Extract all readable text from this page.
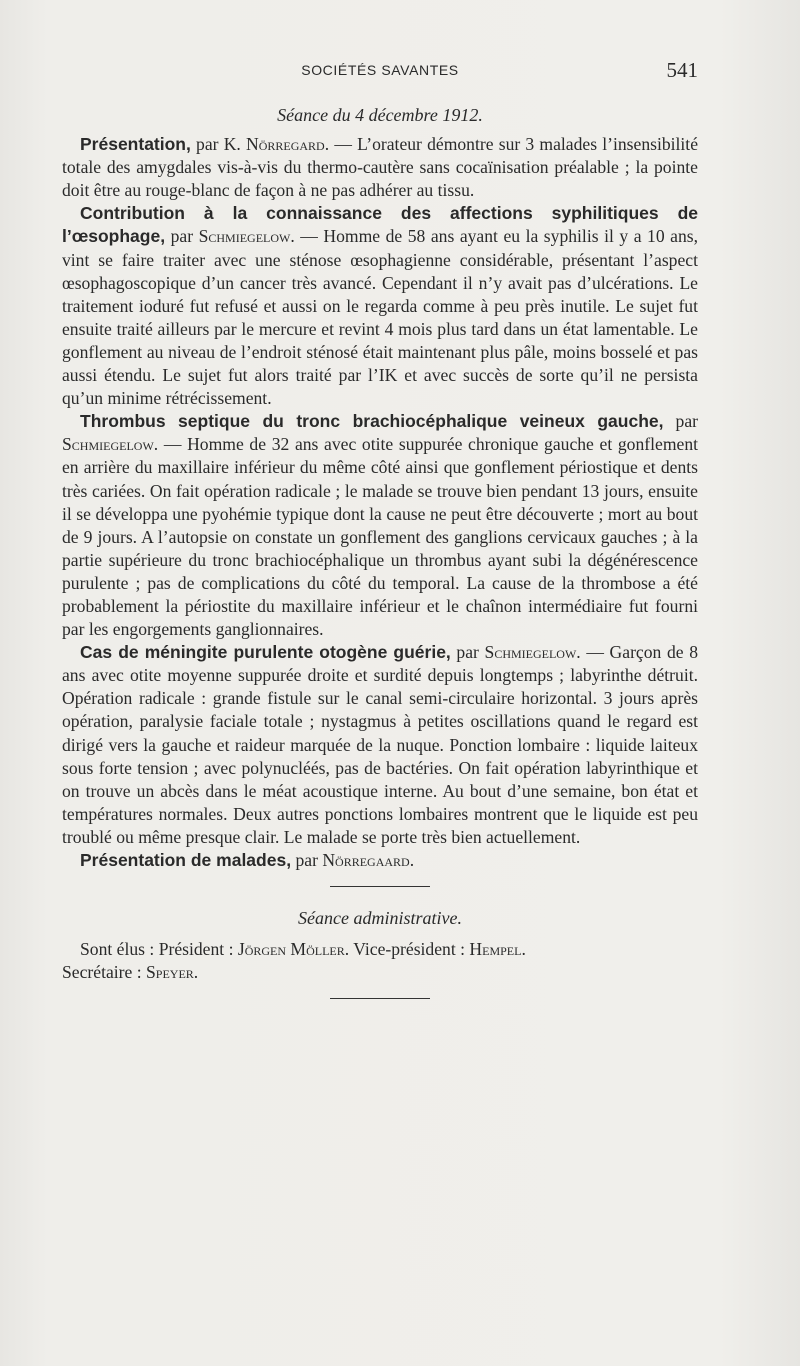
SOCIÉTÉS SAVANTES	541
Séance du 4 décembre 1912.

Présentation, par K. Nörregard. — L’orateur démontre sur 3 malades l’insensibilité totale des amygdales vis-à-vis du thermo-cautère sans cocaïnisation préalable ; la pointe doit être au rouge-blanc de façon à ne pas adhérer au tissu.

Contribution à la connaissance des affections syphilitiques de l’œsophage, par Schmiegelow. — Homme de 58 ans ayant eu la syphilis il y a 10 ans, vint se faire traiter avec une sténose œsophagienne considérable, présentant l’aspect œsophagoscopique d’un cancer très avancé. Cependant il n’y avait pas d’ulcérations. Le traitement ioduré fut refusé et aussi on le regarda comme à peu près inutile. Le sujet fut ensuite traité ailleurs par le mercure et revint 4 mois plus tard dans un état lamentable. Le gonflement au niveau de l’endroit sténosé était maintenant plus pâle, moins bosselé et pas aussi étendu. Le sujet fut alors traité par l’IK et avec succès de sorte qu’il ne persista qu’un minime rétrécissement.

Thrombus septique du tronc brachiocéphalique veineux gauche, par Schmiegelow. — Homme de 32 ans avec otite suppurée chronique gauche et gonflement en arrière du maxillaire inférieur du même côté ainsi que gonflement périostique et dents très cariées. On fait opération radicale ; le malade se trouve bien pendant 13 jours, ensuite il se développa une pyohémie typique dont la cause ne peut être découverte ; mort au bout de 9 jours. A l’autopsie on constate un gonflement des ganglions cervicaux gauches ; à la partie supérieure du tronc brachiocéphalique un thrombus ayant subi la dégénérescence purulente ; pas de complications du côté du temporal. La cause de la thrombose a été probablement la périostite du maxillaire inférieur et le chaînon intermédiaire fut fourni par les engorgements ganglionnaires.

Cas de méningite purulente otogène guérie, par Schmiegelow. — Garçon de 8 ans avec otite moyenne suppurée droite et surdité depuis longtemps ; labyrinthe détruit. Opération radicale : grande fistule sur le canal semi-circulaire horizontal. 3 jours après opération, paralysie faciale totale ; nystagmus à petites oscillations quand le regard est dirigé vers la gauche et raideur marquée de la nuque. Ponction lombaire : liquide laiteux sous forte tension ; avec polynucléés, pas de bactéries. On fait opération labyrinthique et on trouve un abcès dans le méat acoustique interne. Au bout d’une semaine, bon état et températures normales. Deux autres ponctions lombaires montrent que le liquide est peu troublé ou même presque clair. Le malade se porte très bien actuellement.

Présentation de malades, par Nörregaard.

Séance administrative.

Sont élus : Président : Jörgen Möller. Vice-président : Hempel.

Secrétaire : Speyer.
